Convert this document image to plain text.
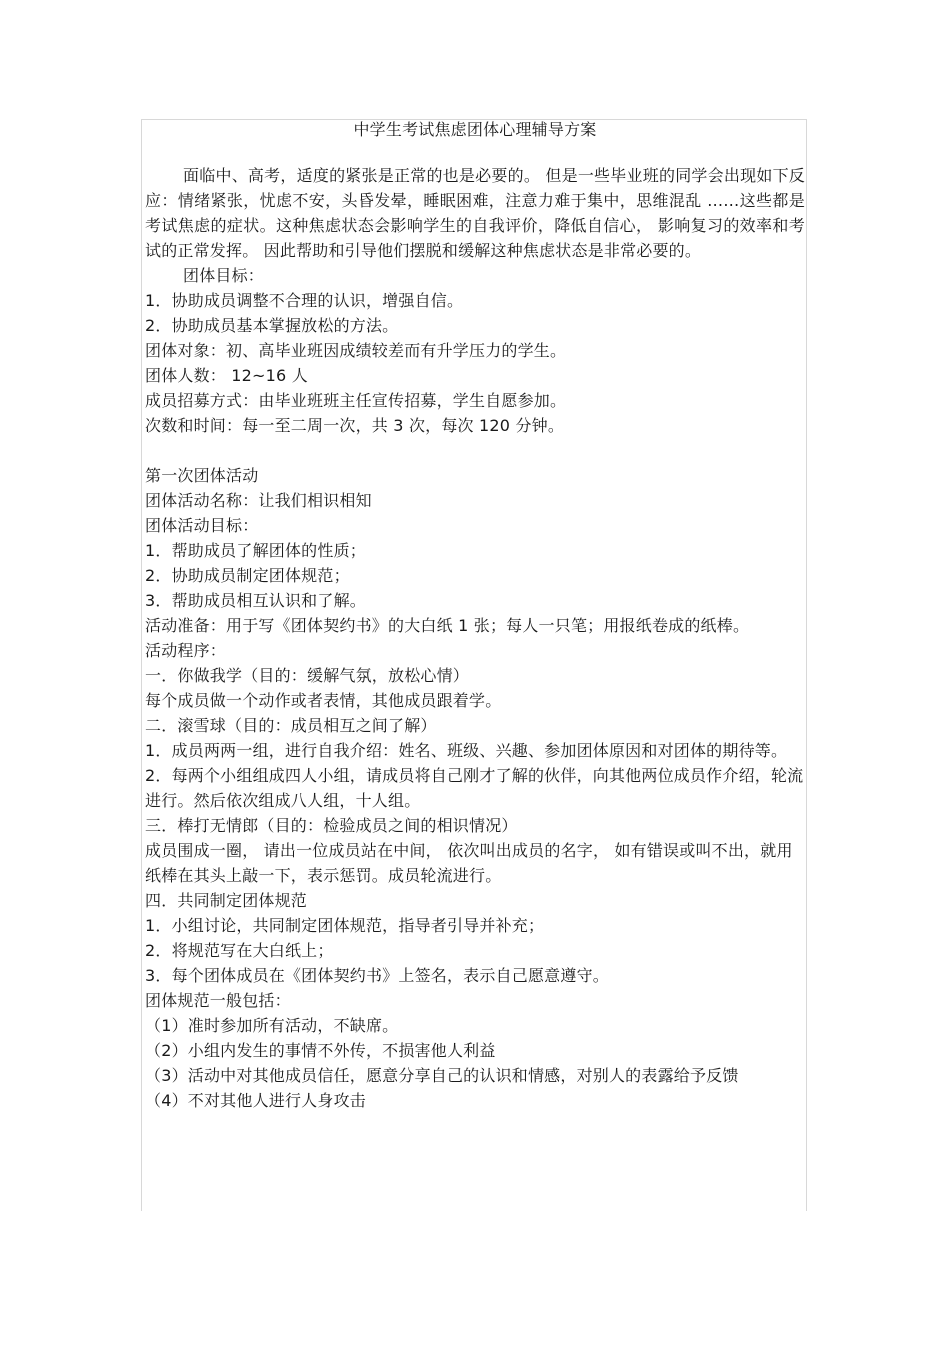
中学生考试焦虑团体心理辅导方案

面临中、高考，适度的紧张是正常的也是必要的。 但是一些毕业班的同学会出现如下反应：情绪紧张，忧虑不安，头昏发晕，睡眠困难，注意力难于集中，思维混乱 ……这些都是考试焦虑的症状。这种焦虑状态会影响学生的自我评价，降低自信心， 影响复习的效率和考试的正常发挥。 因此帮助和引导他们摆脱和缓解这种焦虑状态是非常必要的。

团体目标：

1．协助成员调整不合理的认识，增强自信。

2．协助成员基本掌握放松的方法。

团体对象：初、高毕业班因成绩较差而有升学压力的学生。

团体人数： 12~16 人

成员招募方式：由毕业班班主任宣传招募，学生自愿参加。

次数和时间：每一至二周一次，共 3 次，每次 120 分钟。

第一次团体活动

团体活动名称：让我们相识相知

团体活动目标：

1．帮助成员了解团体的性质；

2．协助成员制定团体规范；

3．帮助成员相互认识和了解。

活动准备：用于写《团体契约书》的大白纸 1 张；每人一只笔；用报纸卷成的纸棒。

活动程序：

一．你做我学（目的：缓解气氛，放松心情）

每个成员做一个动作或者表情，其他成员跟着学。

二．滚雪球（目的：成员相互之间了解）

1．成员两两一组，进行自我介绍：姓名、班级、兴趣、参加团体原因和对团体的期待等。

2．每两个小组组成四人小组，请成员将自己刚才了解的伙伴，向其他两位成员作介绍，轮流进行。然后依次组成八人组，十人组。

三．棒打无情郎（目的：检验成员之间的相识情况）

成员围成一圈， 请出一位成员站在中间， 依次叫出成员的名字， 如有错误或叫不出，就用纸棒在其头上敲一下，表示惩罚。成员轮流进行。

四．共同制定团体规范

1．小组讨论，共同制定团体规范，指导者引导并补充；

2．将规范写在大白纸上；

3．每个团体成员在《团体契约书》上签名，表示自己愿意遵守。

团体规范一般包括：

（1）准时参加所有活动，不缺席。

（2）小组内发生的事情不外传，不损害他人利益

（3）活动中对其他成员信任，愿意分享自己的认识和情感，对别人的表露给予反馈

（4）不对其他人进行人身攻击
